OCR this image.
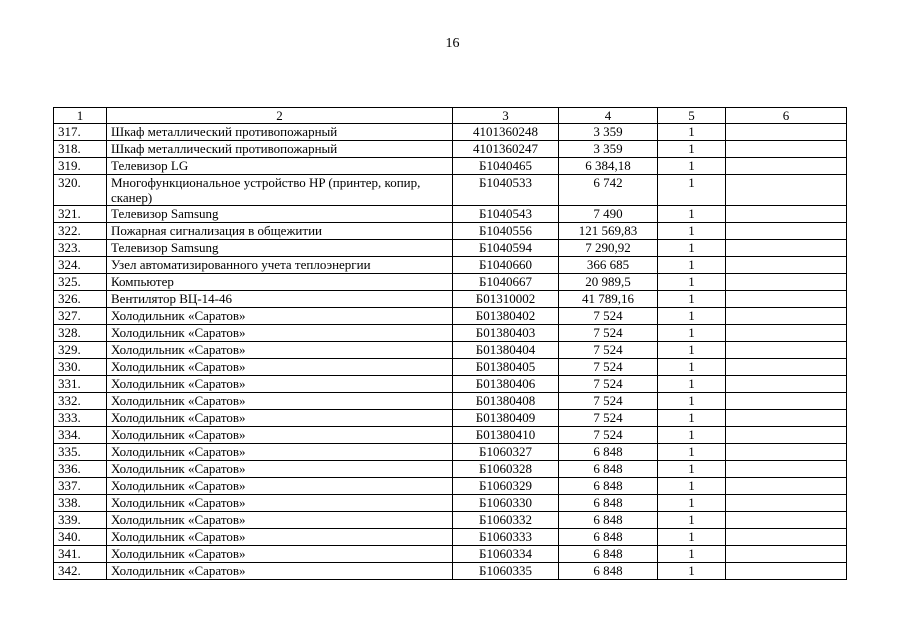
16
1	2	3	4	5	6
317.	Шкаф металлический противопожарный	4101360248	3 359	1	
318.	Шкаф металлический противопожарный	4101360247	3 359	1	
319.	Телевизор LG	Б1040465	6 384,18	1	
320.	Многофункциональное устройство HP (принтер, копир, сканер)	Б1040533	6 742	1	
321.	Телевизор Samsung	Б1040543	7 490	1	
322.	Пожарная сигнализация в общежитии	Б1040556	121 569,83	1	
323.	Телевизор Samsung	Б1040594	7 290,92	1	
324.	Узел автоматизированного учета теплоэнергии	Б1040660	366 685	1	
325.	Компьютер	Б1040667	20 989,5	1	
326.	Вентилятор ВЦ-14-46	Б01310002	41 789,16	1	
327.	Холодильник «Саратов»	Б01380402	7 524	1	
328.	Холодильник «Саратов»	Б01380403	7 524	1	
329.	Холодильник «Саратов»	Б01380404	7 524	1	
330.	Холодильник «Саратов»	Б01380405	7 524	1	
331.	Холодильник «Саратов»	Б01380406	7 524	1	
332.	Холодильник «Саратов»	Б01380408	7 524	1	
333.	Холодильник «Саратов»	Б01380409	7 524	1	
334.	Холодильник «Саратов»	Б01380410	7 524	1	
335.	Холодильник «Саратов»	Б1060327	6 848	1	
336.	Холодильник «Саратов»	Б1060328	6 848	1	
337.	Холодильник «Саратов»	Б1060329	6 848	1	
338.	Холодильник «Саратов»	Б1060330	6 848	1	
339.	Холодильник «Саратов»	Б1060332	6 848	1	
340.	Холодильник «Саратов»	Б1060333	6 848	1	
341.	Холодильник «Саратов»	Б1060334	6 848	1	
342.	Холодильник «Саратов»	Б1060335	6 848	1	
